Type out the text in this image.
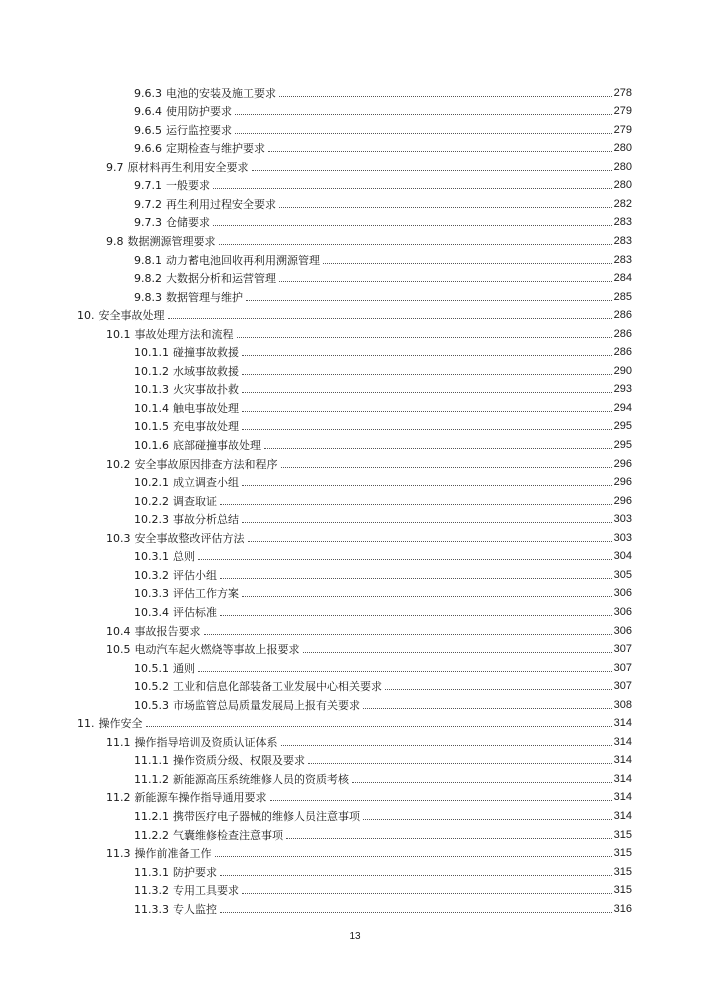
9.6.3 电池的安装及施工要求	278
9.6.4 使用防护要求	279
9.6.5 运行监控要求	279
9.6.6 定期检查与维护要求	280
9.7 原材料再生利用安全要求	280
9.7.1 一般要求	280
9.7.2 再生利用过程安全要求	282
9.7.3 仓储要求	283
9.8 数据溯源管理要求	283
9.8.1 动力蓄电池回收再利用溯源管理	283
9.8.2 大数据分析和运营管理	284
9.8.3 数据管理与维护	285
10. 安全事故处理	286
10.1 事故处理方法和流程	286
10.1.1 碰撞事故救援	286
10.1.2 水域事故救援	290
10.1.3 火灾事故扑救	293
10.1.4 触电事故处理	294
10.1.5 充电事故处理	295
10.1.6 底部碰撞事故处理	295
10.2 安全事故原因排查方法和程序	296
10.2.1 成立调查小组	296
10.2.2 调查取证	296
10.2.3 事故分析总结	303
10.3 安全事故整改评估方法	303
10.3.1 总则	304
10.3.2 评估小组	305
10.3.3 评估工作方案	306
10.3.4 评估标准	306
10.4 事故报告要求	306
10.5 电动汽车起火燃烧等事故上报要求	307
10.5.1 通则	307
10.5.2 工业和信息化部装备工业发展中心相关要求	307
10.5.3 市场监管总局质量发展局上报有关要求	308
11. 操作安全	314
11.1 操作指导培训及资质认证体系	314
11.1.1 操作资质分级、权限及要求	314
11.1.2 新能源高压系统维修人员的资质考核	314
11.2 新能源车操作指导通用要求	314
11.2.1 携带医疗电子器械的维修人员注意事项	314
11.2.2 气囊维修检查注意事项	315
11.3 操作前准备工作	315
11.3.1 防护要求	315
11.3.2 专用工具要求	315
11.3.3 专人监控	316
13
